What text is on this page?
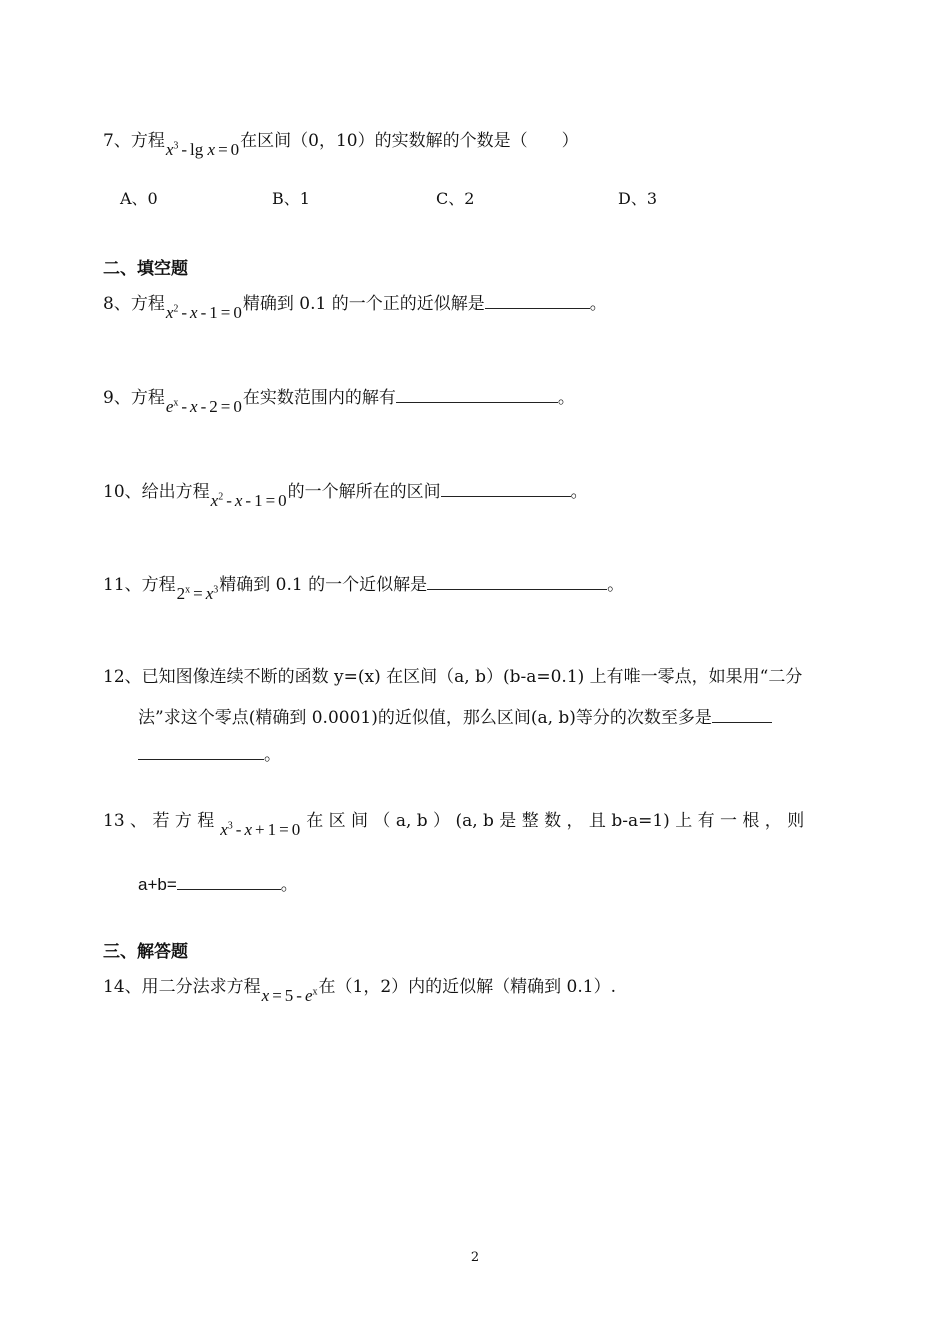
7、方程$x^3 - \lg x = 0$在区间（0，10）的实数解的个数是（　　）
A、0	B、1	C、2	D、3
二、填空题
8、方程$x^2 - x - 1 = 0$精确到 0.1 的一个正的近似解是	。
9、方程$e^x - x - 2 = 0$在实数范围内的解有	。
10、给出方程$x^2 - x - 1 = 0$的一个解所在的区间	。
11、方程$2^x = x^3$精确到 0.1 的一个近似解是	。
12、已知图像连续不断的函数 y=(x) 在区间（a, b）(b-a=0.1) 上有唯一零点，如果用“二分
法”求这个零点(精确到 0.0001)的近似值，那么区间(a, b)等分的次数至多是
。
13 、 若 方 程 $x^3 - x + 1 = 0$ 在 区 间 （ a, b ） (a, b 是 整 数 ， 且 b-a=1) 上 有 一 根 ， 则
a+b=	。
三、解答题
14、用二分法求方程$x = 5 - e^x$在（1，2）内的近似解（精确到 0.1）.
2
